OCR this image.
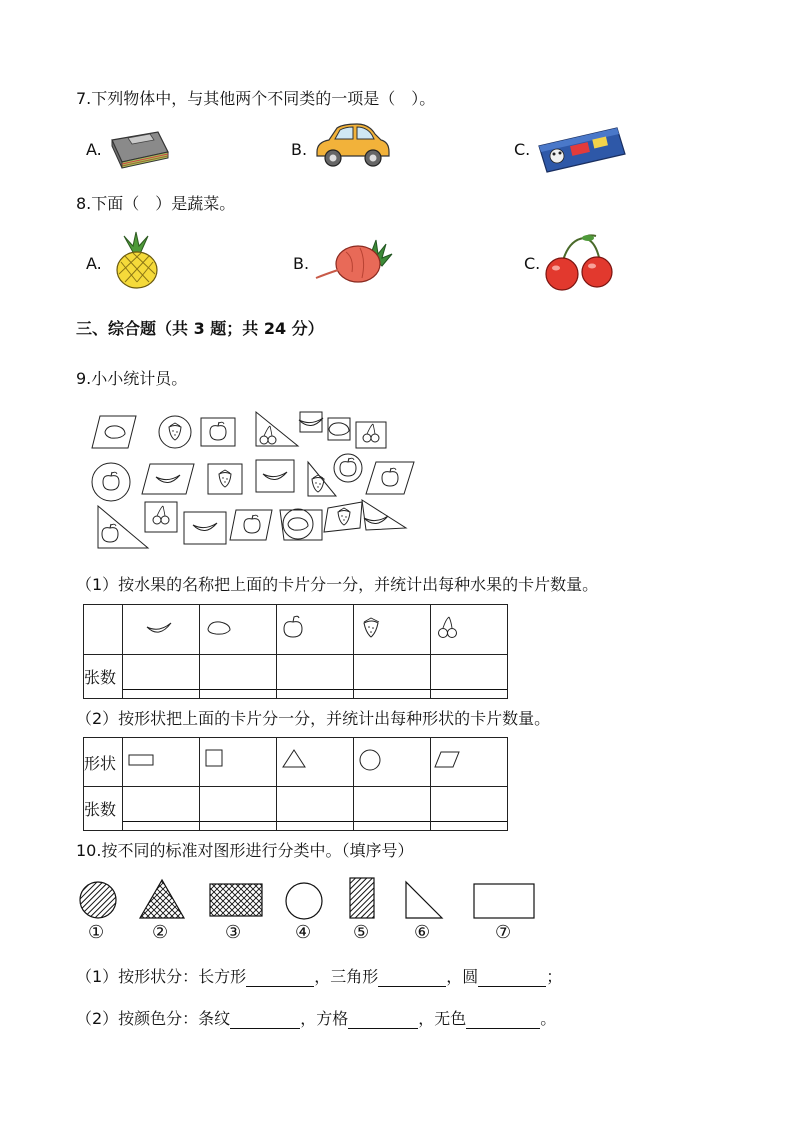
7.下列物体中，与其他两个不同类的一项是（　）。
A.	B.	C.
8.下面（　）是蔬菜。
A.	B.	C.
三、综合题（共 3 题；共 24 分）
9.小小统计员。
（1）按水果的名称把上面的卡片分一分，并统计出每种水果的卡片数量。

张数	

（2）按形状把上面的卡片分一分，并统计出每种形状的卡片数量。
形状					
张数	

10.按不同的标准对图形进行分类中。（填序号）
①	②	③	④ ⑤ ⑥	⑦
（1）按形状分：长方形	，三角形	，圆	；
（2）按颜色分：条纹	，方格	，无色	。
